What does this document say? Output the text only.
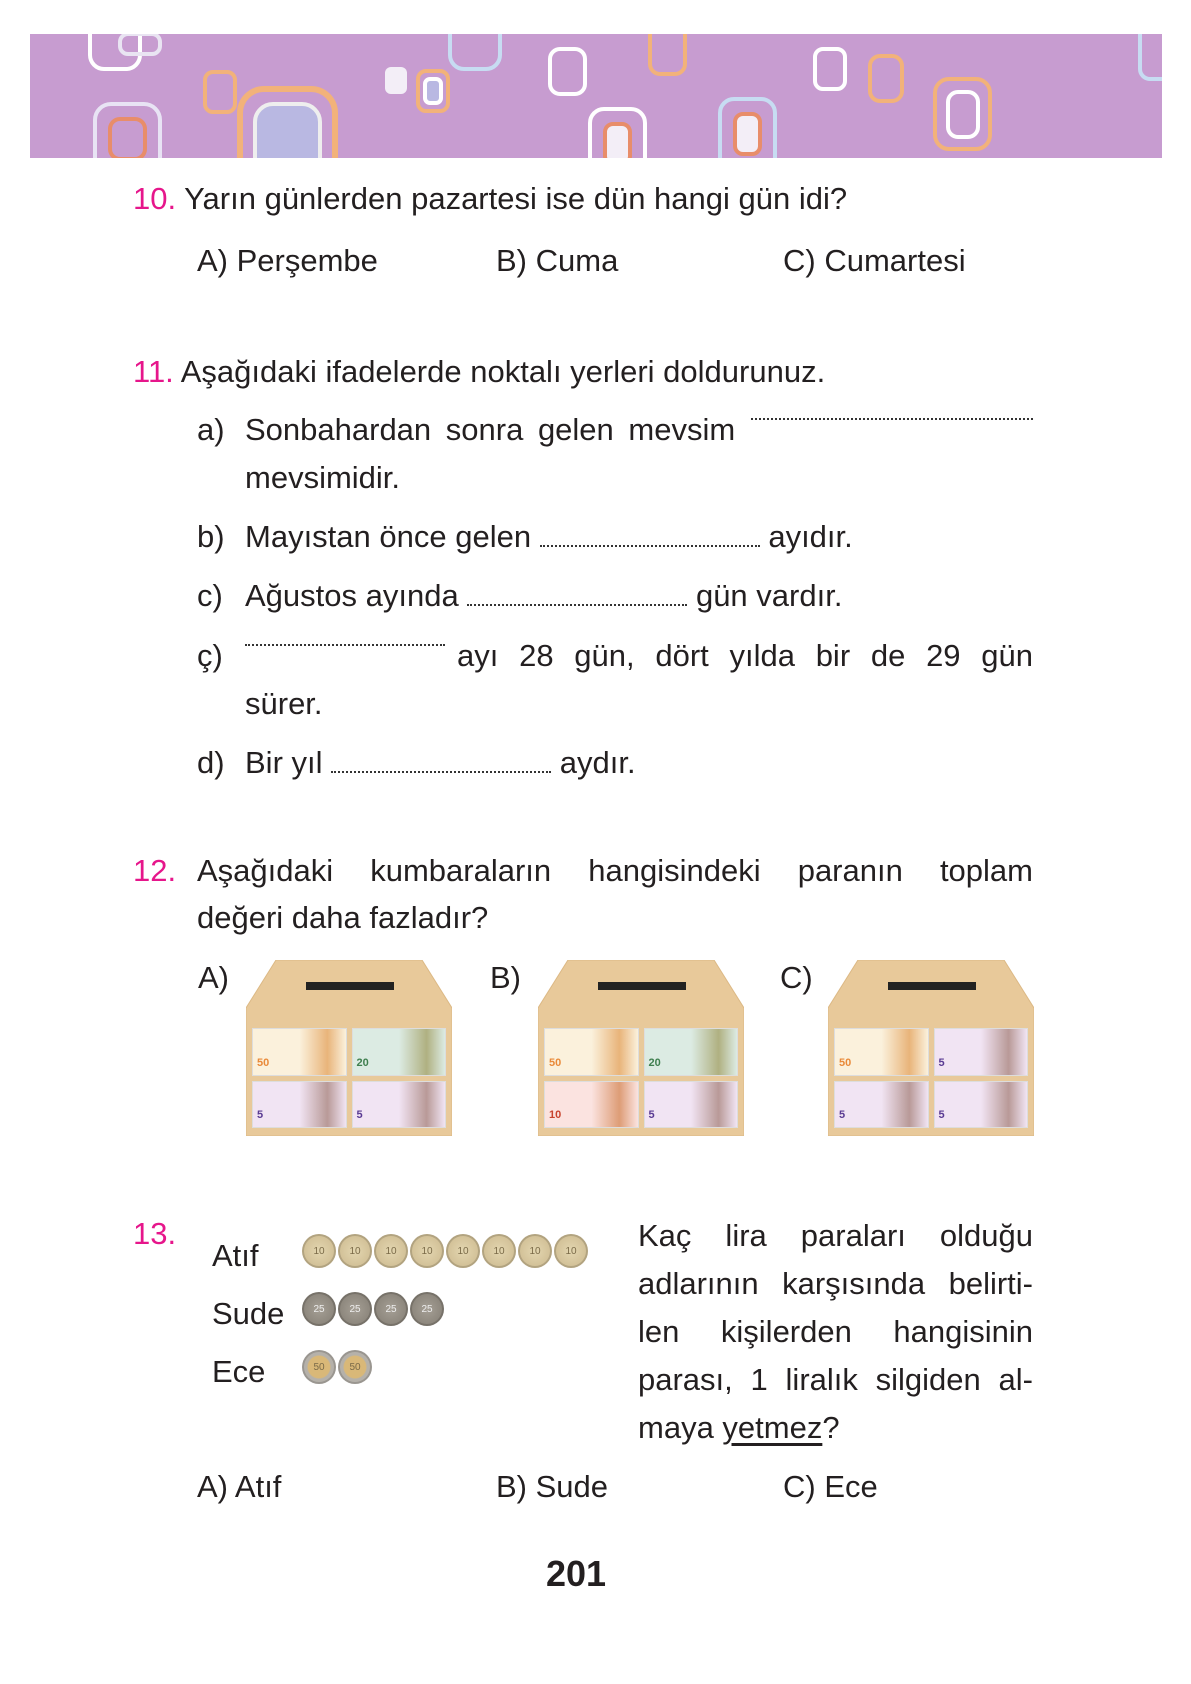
10. Yarın günlerden pazartesi ise dün hangi gün idi?
A) Perşembe	B) Cuma	C) Cumartesi
11. Aşağıdaki ifadelerde noktalı yerleri doldurunuz.
a) Sonbahardan sonra gelen mevsim
mevsimidir.
b) Mayıstan önce gelen	ayıdır.
c) Ağustos ayında	gün vardır.
ç)	ayı 28 gün, dört yılda bir de 29 gün
sürer.
d) Bir yıl	aydır.
12. Aşağıdaki kumbaraların hangisindeki paranın toplam
değeri daha fazladır?
13.	Kaç lira paraları olduğu
adlarının karşısında belirti-
len kişilerden hangisinin
parası, 1 liralık silgiden al-
maya yetmez?
A) Atıf	B) Sude	C) Ece
201
A)
50	20
5	5
B)
50	20
10	5
C)
50	5
5	5
Atıf	10	10	10	10	10	10	10	10
Sude	25	25	25	25
Ece	50	50
